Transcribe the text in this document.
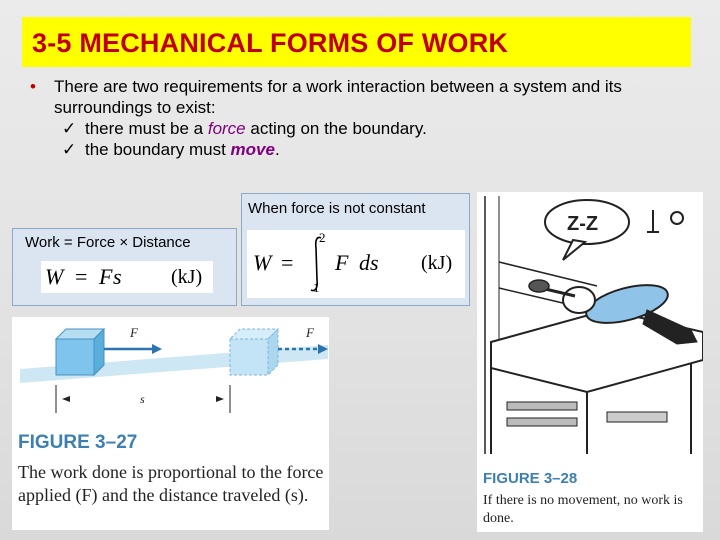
3-5 MECHANICAL FORMS OF WORK
• There are two requirements for a work interaction between a system and its surroundings to exist:
✓ there must be a force acting on the boundary.
✓ the boundary must move.
Work = Force × Distance
W = F s (kJ)
When force is not constant
W =
2
1
F ds (kJ)
F	F
s
FIGURE 3–27
The work done is proportional to the force applied (F) and the distance traveled (s).
Z-Z
FIGURE 3–28
If there is no movement, no work is done.
